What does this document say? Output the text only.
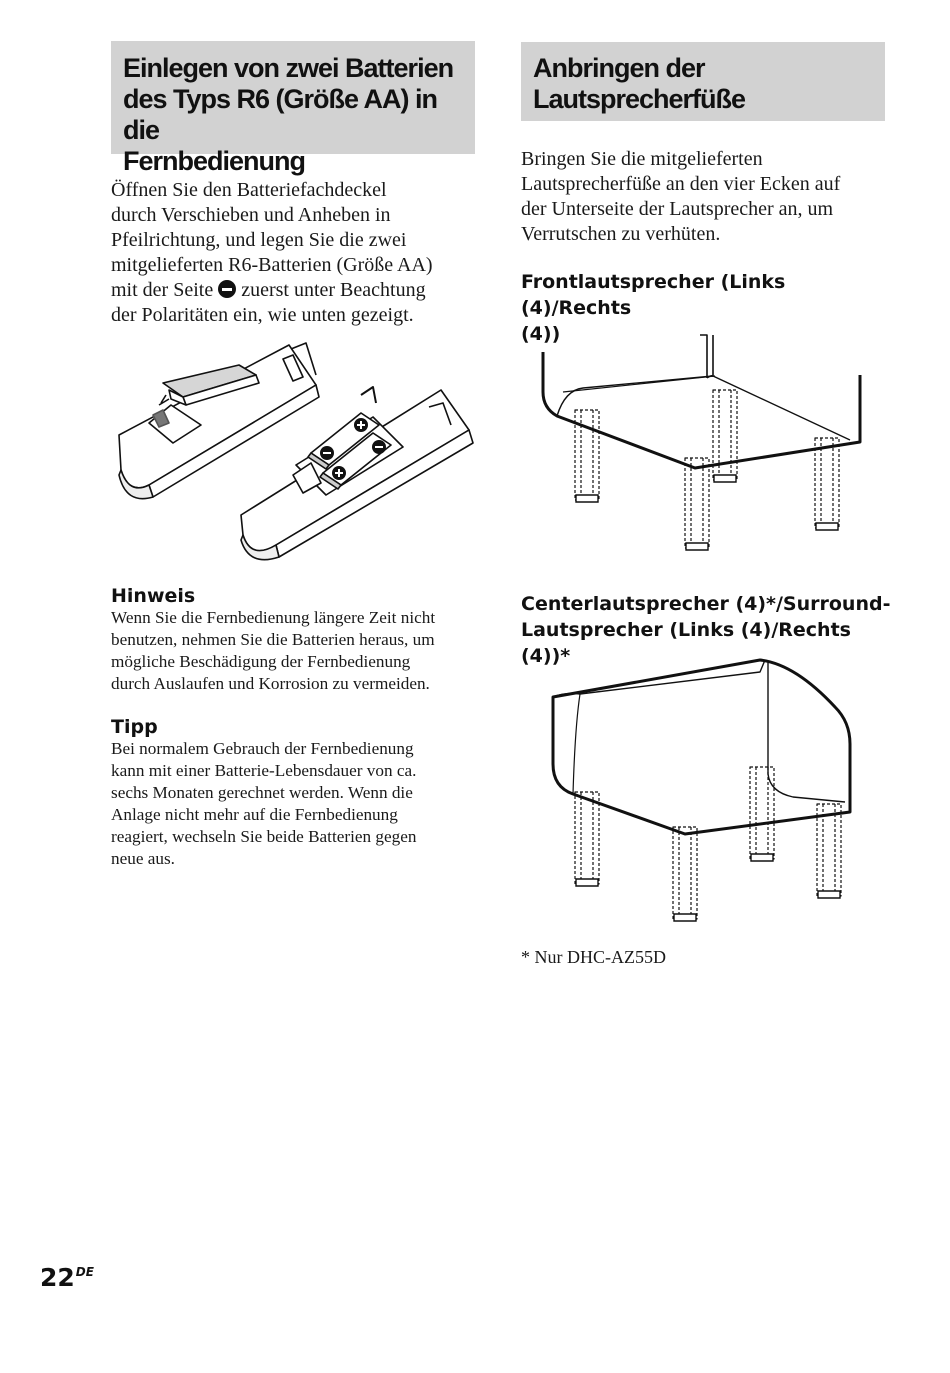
Einlegen von zwei Batterien
des Typs R6 (Größe AA) in die
Fernbedienung
Öffnen Sie den Batteriefachdeckel
durch Verschieben und Anheben in
Pfeilrichtung, und legen Sie die zwei
mitgelieferten R6-Batterien (Größe AA)
mit der Seite zuerst unter Beachtung
der Polaritäten ein, wie unten gezeigt.
Hinweis
Wenn Sie die Fernbedienung längere Zeit nicht
benutzen, nehmen Sie die Batterien heraus, um
mögliche Beschädigung der Fernbedienung
durch Auslaufen und Korrosion zu vermeiden.
Tipp
Bei normalem Gebrauch der Fernbedienung
kann mit einer Batterie-Lebensdauer von ca.
sechs Monaten gerechnet werden. Wenn die
Anlage nicht mehr auf die Fernbedienung
reagiert, wechseln Sie beide Batterien gegen
neue aus.
Anbringen der
Lautsprecherfüße
Bringen Sie die mitgelieferten
Lautsprecherfüße an den vier Ecken auf
der Unterseite der Lautsprecher an, um
Verrutschen zu verhüten.
Frontlautsprecher (Links (4)/Rechts
(4))
Centerlautsprecher (4)*/Surround-
Lautsprecher (Links (4)/Rechts (4))*
* Nur DHC-AZ55D
22DE
